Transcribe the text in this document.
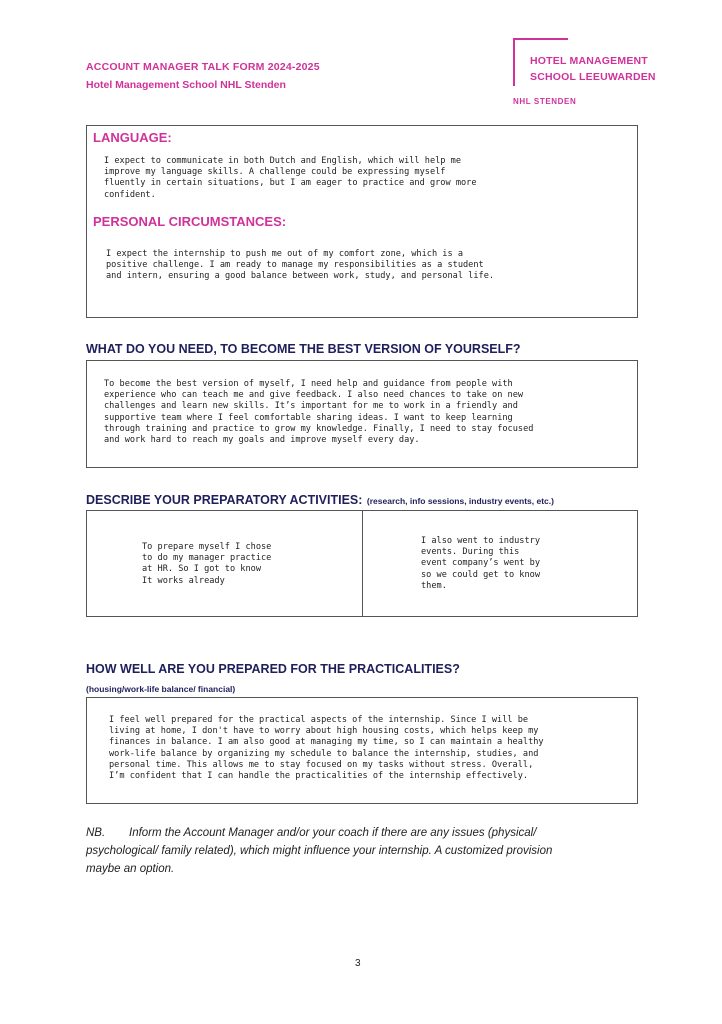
ACCOUNT MANAGER TALK FORM 2024-2025
Hotel Management School NHL Stenden
HOTEL MANAGEMENT
SCHOOL LEEUWARDEN
NHL STENDEN
LANGUAGE:
I expect to communicate in both Dutch and English, which will help me
improve my language skills. A challenge could be expressing myself
fluently in certain situations, but I am eager to practice and grow more
confident.
PERSONAL CIRCUMSTANCES:
I expect the internship to push me out of my comfort zone, which is a
positive challenge. I am ready to manage my responsibilities as a student
and intern, ensuring a good balance between work, study, and personal life.
WHAT DO YOU NEED, TO BECOME THE BEST VERSION OF YOURSELF?
To become the best version of myself, I need help and guidance from people with
experience who can teach me and give feedback. I also need chances to take on new
challenges and learn new skills. It’s important for me to work in a friendly and
supportive team where I feel comfortable sharing ideas. I want to keep learning
through training and practice to grow my knowledge. Finally, I need to stay focused
and work hard to reach my goals and improve myself every day.
DESCRIBE YOUR PREPARATORY ACTIVITIES: (research, info sessions, industry events, etc.)
To prepare myself I chose
to do my manager practice
at HR. So I got to know
It works already
I also went to industry
events. During this
event company’s went by
so we could get to know
them.
HOW WELL ARE YOU PREPARED FOR THE PRACTICALITIES?
(housing/work-life balance/ financial)
I feel well prepared for the practical aspects of the internship. Since I will be
living at home, I don't have to worry about high housing costs, which helps keep my
finances in balance. I am also good at managing my time, so I can maintain a healthy
work-life balance by organizing my schedule to balance the internship, studies, and
personal time. This allows me to stay focused on my tasks without stress. Overall,
I’m confident that I can handle the practicalities of the internship effectively.
NB. Inform the Account Manager and/or your coach if there are any issues (physical/
psychological/ family related), which might influence your internship. A customized provision
maybe an option.
3
